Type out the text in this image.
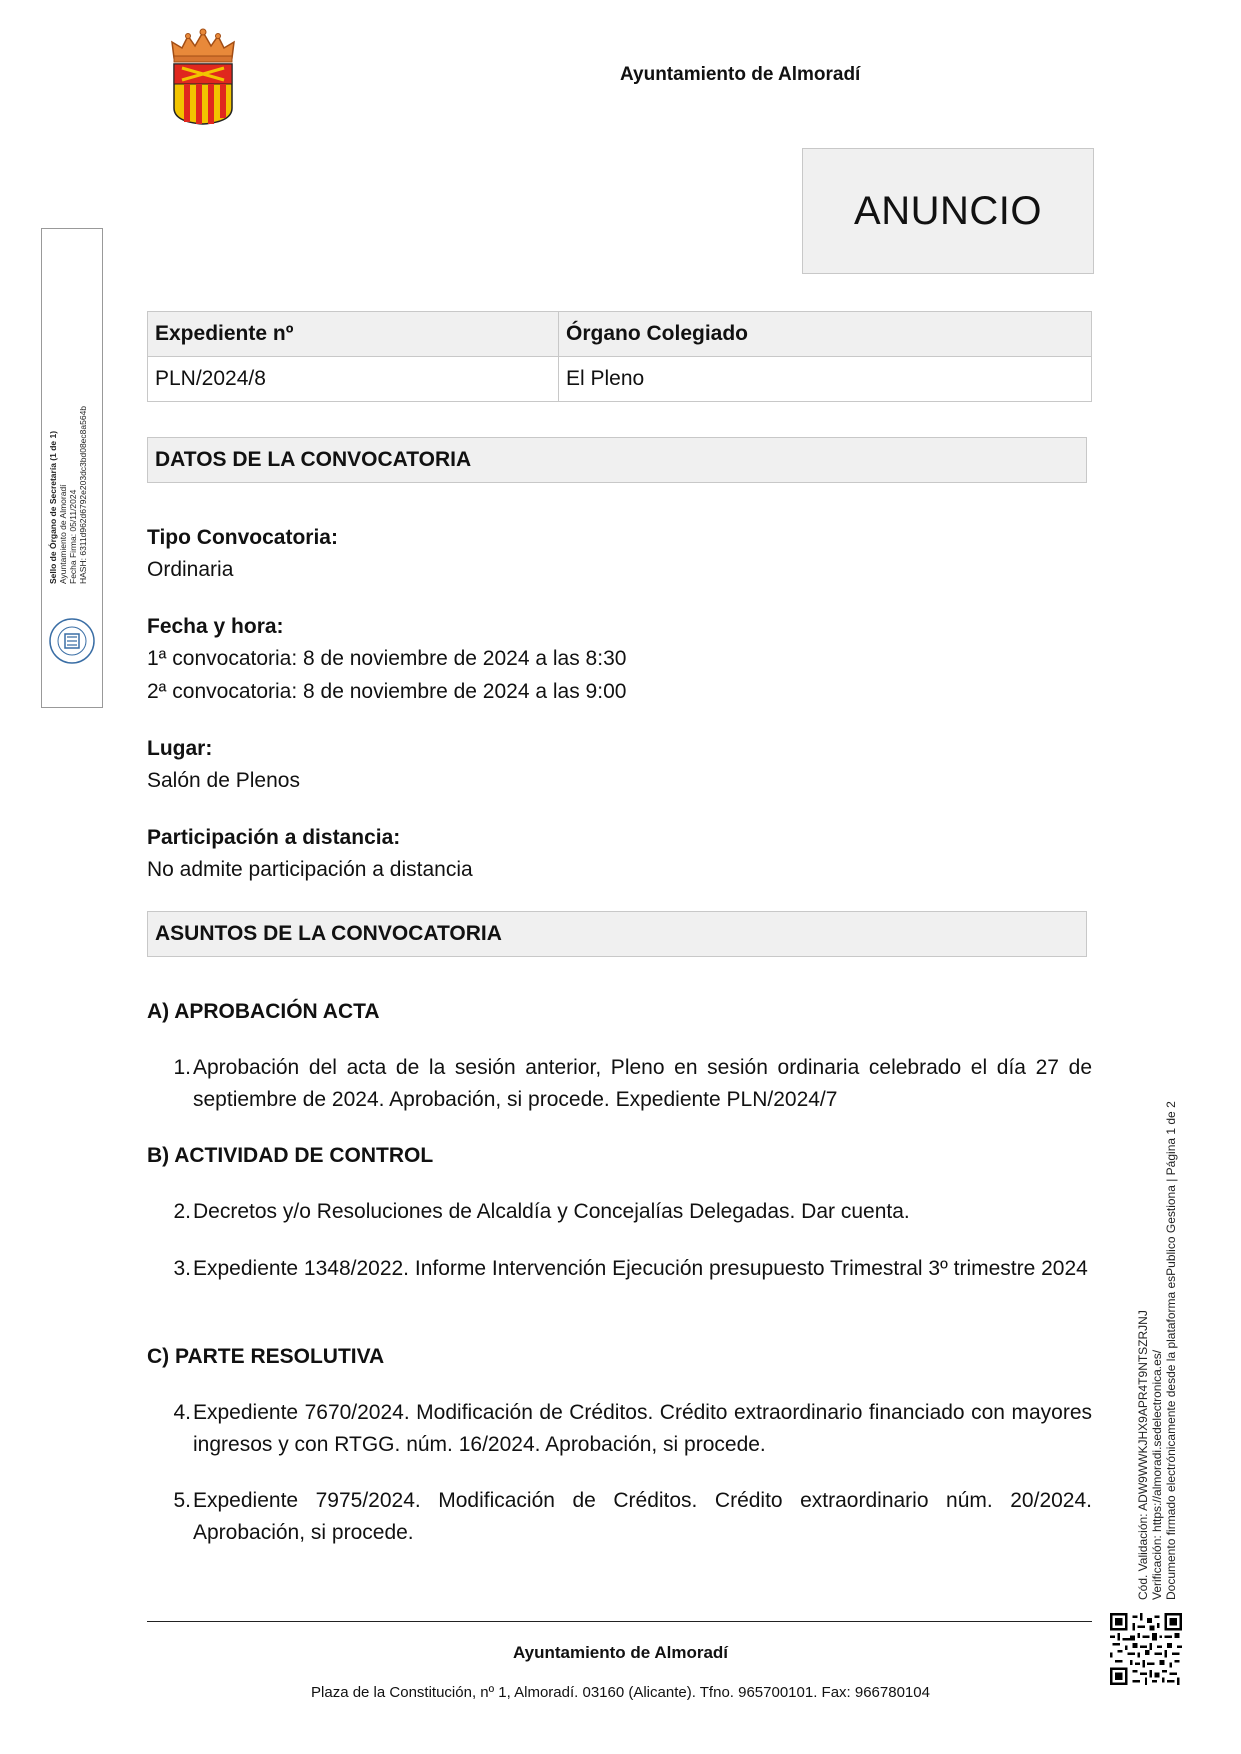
Ayuntamiento de Almoradí
ANUNCIO
Expediente nº	Órgano Colegiado
PLN/2024/8	El Pleno
DATOS DE LA CONVOCATORIA
Tipo Convocatoria:
Ordinaria
Fecha y hora:
1ª convocatoria: 8 de noviembre de 2024 a las 8:30
2ª convocatoria: 8 de noviembre de 2024 a las 9:00
Lugar:
Salón de Plenos
Participación a distancia:
No admite participación a distancia
ASUNTOS DE LA CONVOCATORIA
A) APROBACIÓN ACTA
1. Aprobación del acta de la sesión anterior, Pleno en sesión ordinaria celebrado el día 27 de septiembre de 2024. Aprobación, si procede. Expediente PLN/2024/7
B) ACTIVIDAD DE CONTROL
2. Decretos y/o Resoluciones de Alcaldía y Concejalías Delegadas. Dar cuenta.
3. Expediente 1348/2022. Informe Intervención Ejecución presupuesto Trimestral 3º trimestre 2024
C) PARTE RESOLUTIVA
4. Expediente 7670/2024. Modificación de Créditos. Crédito extraordinario financiado con mayores ingresos y con RTGG. núm. 16/2024. Aprobación, si procede.
5. Expediente 7975/2024. Modificación de Créditos. Crédito extraordinario núm. 20/2024. Aprobación, si procede.
Ayuntamiento de Almoradí
Plaza de la Constitución, nº 1, Almoradí. 03160 (Alicante). Tfno. 965700101. Fax: 966780104
Sello de Órgano de Secretaría (1 de 1) Ayuntamiento de Almoradí Fecha Firma: 05/11/2024 HASH: 6311d962d6792e203dc3bd08ec8a564b
Cód. Validación: ADW9WWKJHX9APR4T9NTSZRJNJ Verificación: https://almoradi.sedelectronica.es/ Documento firmado electrónicamente desde la plataforma esPublico Gestiona | Página 1 de 2
